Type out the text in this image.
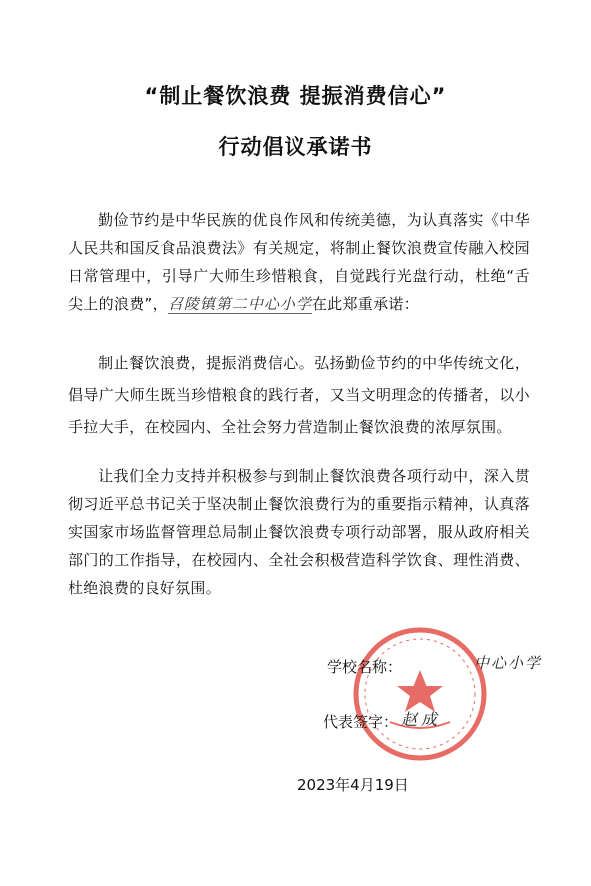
“制止餐饮浪费 提振消费信心”
行动倡议承诺书

勤俭节约是中华民族的优良作风和传统美德，为认真落实《中华人民共和国反食品浪费法》有关规定，将制止餐饮浪费宣传融入校园日常管理中，引导广大师生珍惜粮食，自觉践行光盘行动，杜绝“舌尖上的浪费”，召陵镇第二中心小学在此郑重承诺：

制止餐饮浪费，提振消费信心。弘扬勤俭节约的中华传统文化，倡导广大师生既当珍惜粮食的践行者，又当文明理念的传播者，以小手拉大手，在校园内、全社会努力营造制止餐饮浪费的浓厚氛围。

让我们全力支持并积极参与到制止餐饮浪费各项行动中，深入贯彻习近平总书记关于坚决制止餐饮浪费行为的重要指示精神，认真落实国家市场监督管理总局制止餐饮浪费专项行动部署，服从政府相关部门的工作指导，在校园内、全社会积极营造科学饮食、理性消费、杜绝浪费的良好氛围。

学校名称：	中心小学
代表签字： 赵成
2023年4月19日
